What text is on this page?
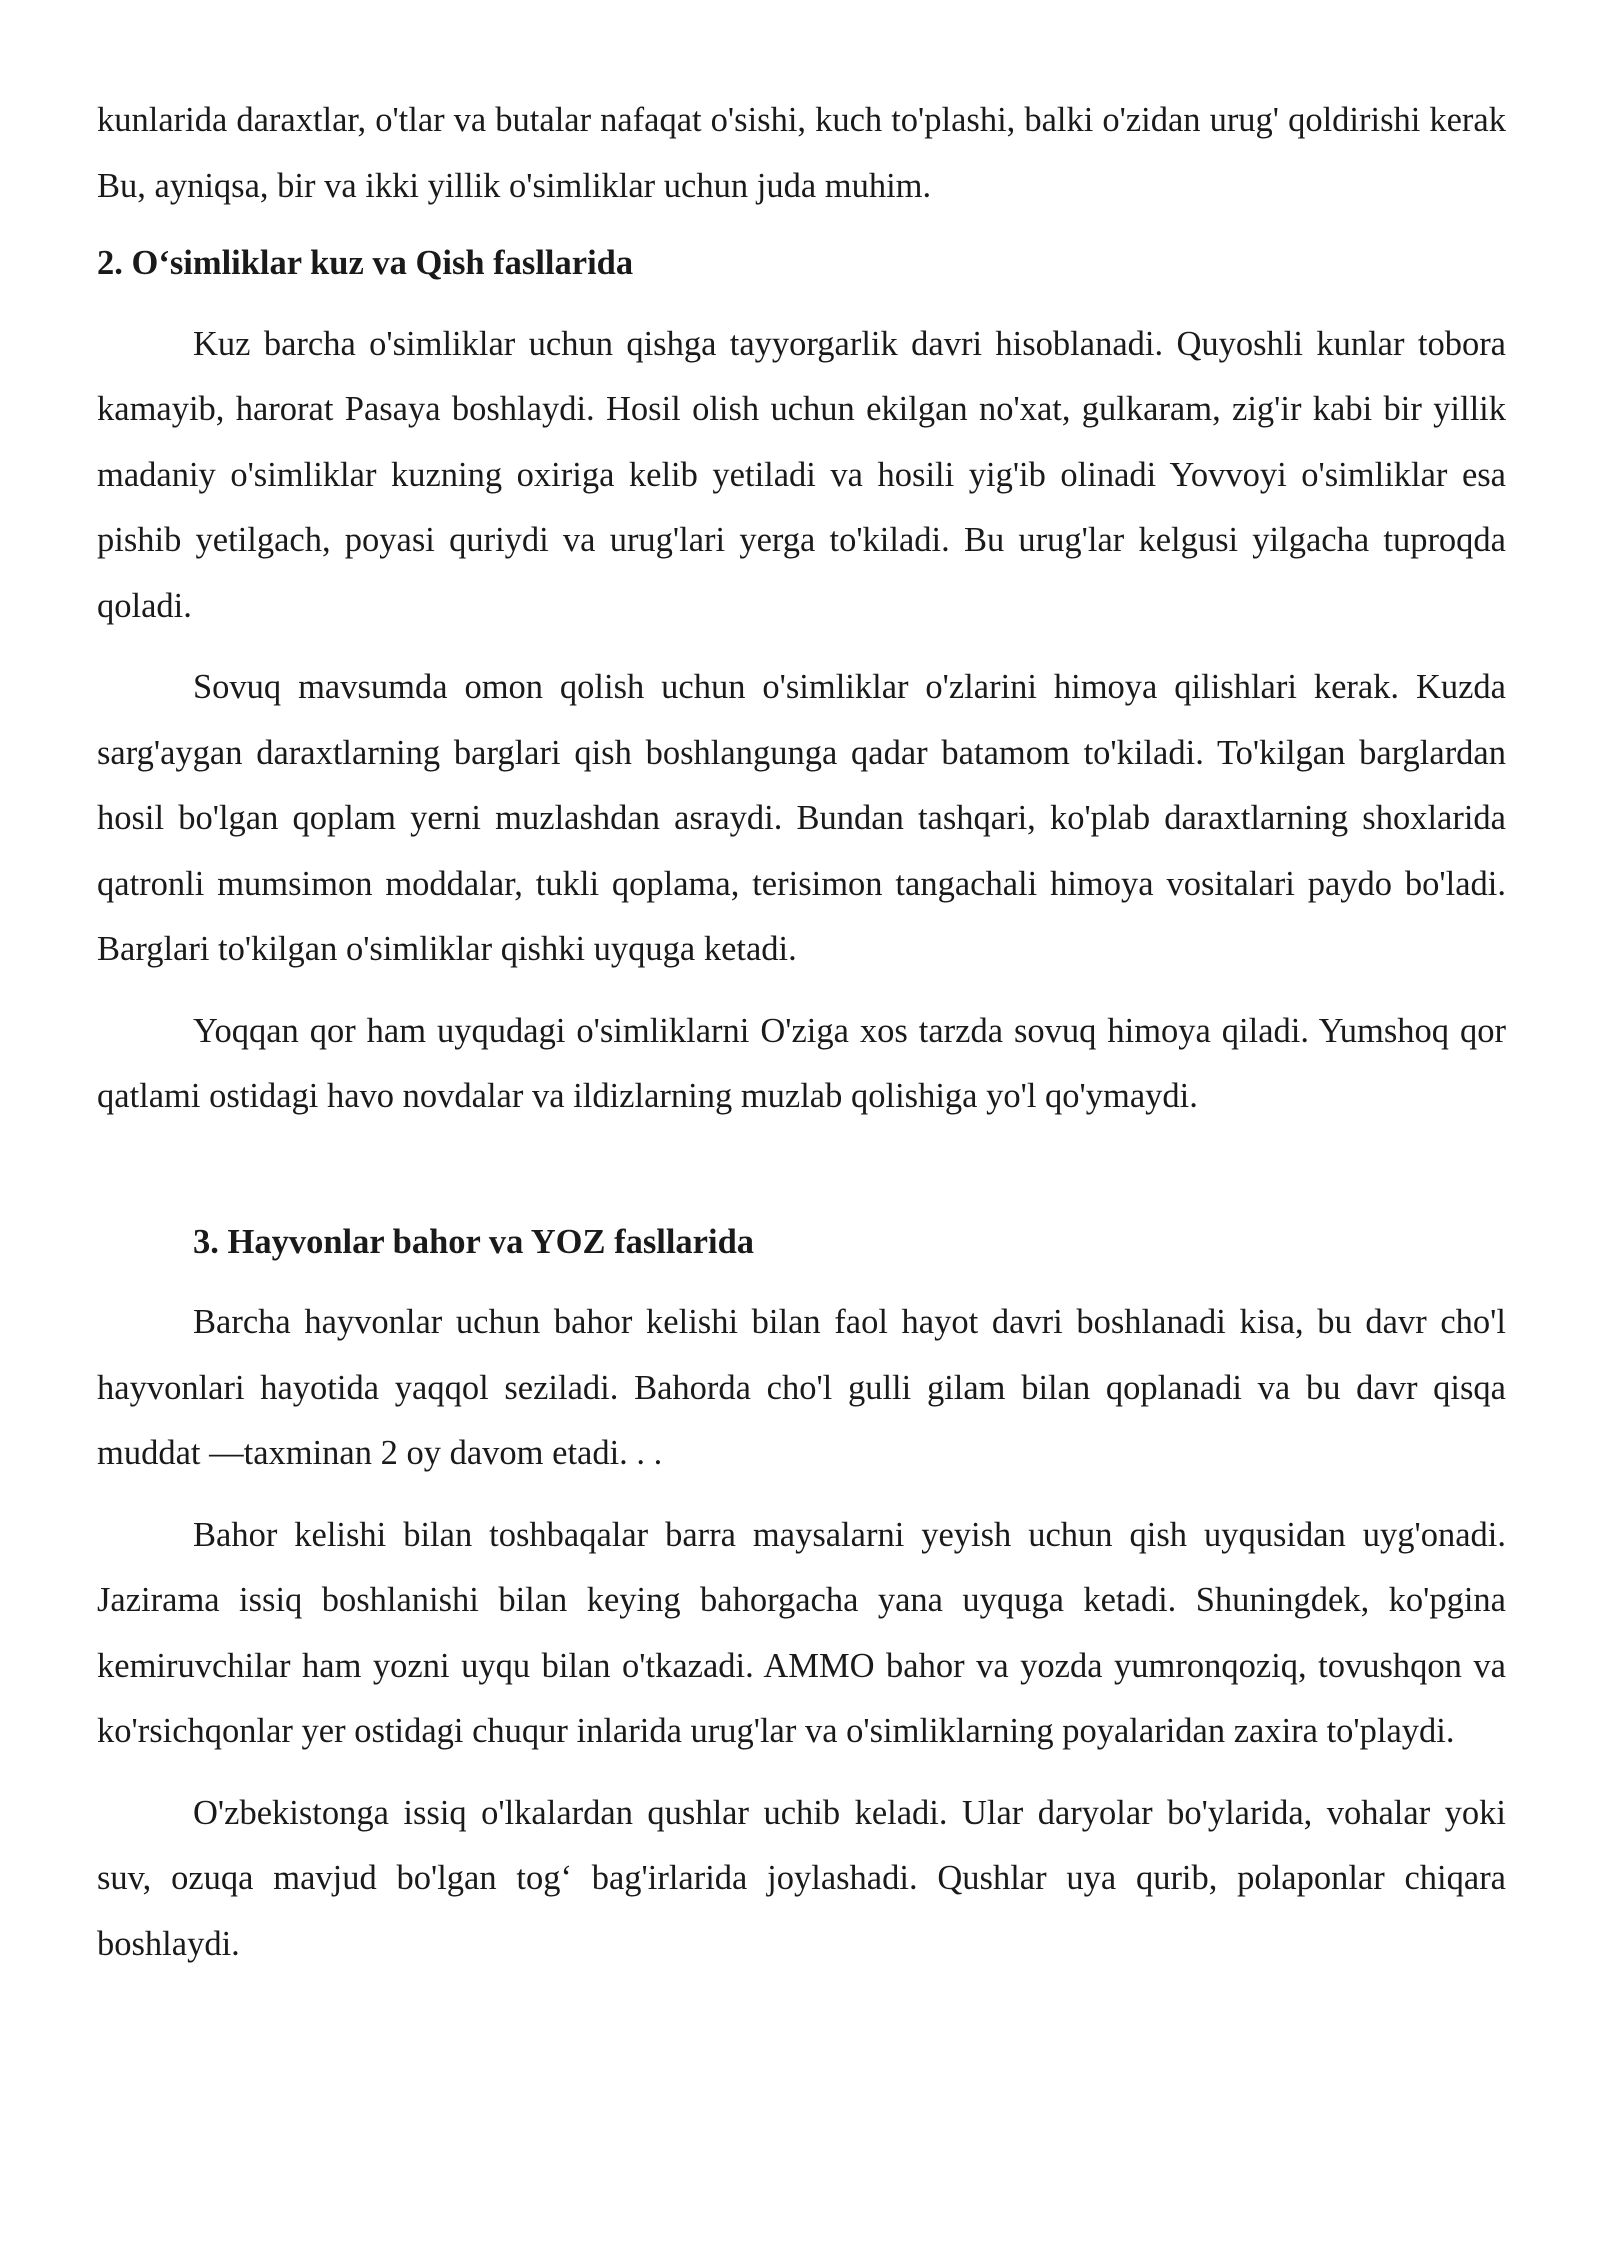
kunlarida daraxtlar, o'tlar va butalar nafaqat o'sishi, kuch to'plashi, balki o'zidan urug' qoldirishi kerak Bu, ayniqsa, bir va ikki yillik o'simliklar uchun juda muhim.

2. O‘simliklar kuz va Qish fasllarida

Kuz barcha o'simliklar uchun qishga tayyorgarlik davri hisoblanadi. Quyoshli kunlar tobora kamayib, harorat Pasaya boshlaydi. Hosil olish uchun ekilgan no'xat, gulkaram, zig'ir kabi bir yillik madaniy o'simliklar kuzning oxiriga kelib yetiladi va hosili yig'ib olinadi Yovvoyi o'simliklar esa pishib yetilgach, poyasi quriydi va urug'lari yerga to'kiladi. Bu urug'lar kelgusi yilgacha tuproqda qoladi.

Sovuq mavsumda omon qolish uchun o'simliklar o'zlarini himoya qilishlari kerak. Kuzda sarg'aygan daraxtlarning barglari qish boshlangunga qadar batamom to'kiladi. To'kilgan barglardan hosil bo'lgan qoplam yerni muzlashdan asraydi. Bundan tashqari, ko'plab daraxtlarning shoxlarida qatronli mumsimon moddalar, tukli qoplama, terisimon tangachali himoya vositalari paydo bo'ladi. Barglari to'kilgan o'simliklar qishki uyquga ketadi.

Yoqqan qor ham uyqudagi o'simliklarni O'ziga xos tarzda sovuq himoya qiladi. Yumshoq qor qatlami ostidagi havo novdalar va ildizlarning muzlab qolishiga yo'l qo'ymaydi.

3. Hayvonlar bahor va YOZ fasllarida

Barcha hayvonlar uchun bahor kelishi bilan faol hayot davri boshlanadi kisa, bu davr cho'l hayvonlari hayotida yaqqol seziladi. Bahorda cho'l gulli gilam bilan qoplanadi va bu davr qisqa muddat —taxminan 2 oy davom etadi. . .

Bahor kelishi bilan toshbaqalar barra maysalarni yeyish uchun qish uyqusidan uyg'onadi. Jazirama issiq boshlanishi bilan keying bahorgacha yana uyquga ketadi. Shuningdek, ko'pgina kemiruvchilar ham yozni uyqu bilan o'tkazadi. AMMO bahor va yozda yumronqoziq, tovushqon va ko'rsichqonlar yer ostidagi chuqur inlarida urug'lar va o'simliklarning poyalaridan zaxira to'playdi.

O'zbekistonga issiq o'lkalardan qushlar uchib keladi. Ular daryolar bo'ylarida, vohalar yoki suv, ozuqa mavjud bo'lgan tog‘ bag'irlarida joylashadi. Qushlar uya qurib, polaponlar chiqara boshlaydi.
